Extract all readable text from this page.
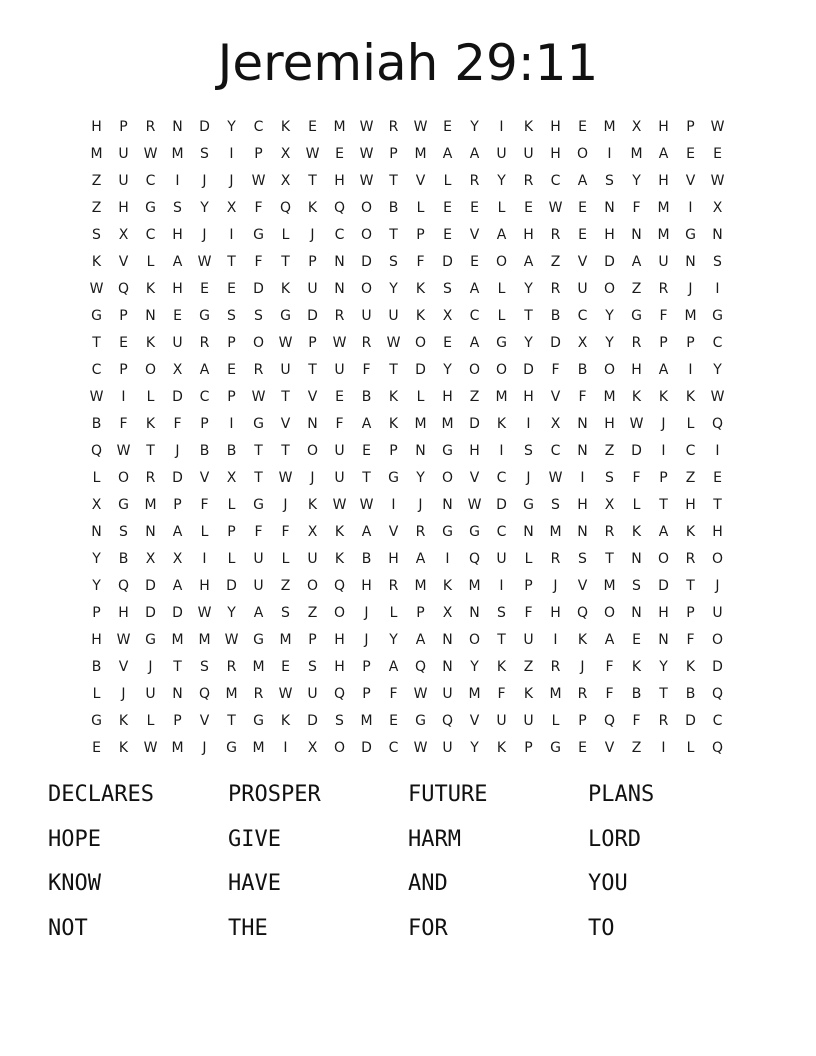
Jeremiah 29:11
H	P	R	N	D	Y	C	K	E	M	W	R	W	E	Y	I	K	H	E	M	X	H	P	W
M	U	W	M	S	I	P	X	W	E	W	P	M	A	A	U	U	H	O	I	M	A	E	E
Z	U	C	I	J	J	W	X	T	H	W	T	V	L	R	Y	R	C	A	S	Y	H	V	W
Z	H	G	S	Y	X	F	Q	K	Q	O	B	L	E	E	L	E	W	E	N	F	M	I	X
S	X	C	H	J	I	G	L	J	C	O	T	P	E	V	A	H	R	E	H	N	M	G	N
K	V	L	A	W	T	F	T	P	N	D	S	F	D	E	O	A	Z	V	D	A	U	N	S
W	Q	K	H	E	E	D	K	U	N	O	Y	K	S	A	L	Y	R	U	O	Z	R	J	I
G	P	N	E	G	S	S	G	D	R	U	U	K	X	C	L	T	B	C	Y	G	F	M	G
T	E	K	U	R	P	O	W	P	W	R	W	O	E	A	G	Y	D	X	Y	R	P	P	C
C	P	O	X	A	E	R	U	T	U	F	T	D	Y	O	O	D	F	B	O	H	A	I	Y
W	I	L	D	C	P	W	T	V	E	B	K	L	H	Z	M	H	V	F	M	K	K	K	W
B	F	K	F	P	I	G	V	N	F	A	K	M	M	D	K	I	X	N	H	W	J	L	Q
Q	W	T	J	B	B	T	T	O	U	E	P	N	G	H	I	S	C	N	Z	D	I	C	I
L	O	R	D	V	X	T	W	J	U	T	G	Y	O	V	C	J	W	I	S	F	P	Z	E
X	G	M	P	F	L	G	J	K	W W	I	J	N	W	D	G	S	H	X	L	T	H	T
N	S	N	A	L	P	F	F	X	K	A	V	R	G	G	C	N	M	N	R	K	A	K	H
Y	B	X	X	I	L	U	L	U	K	B	H	A	I	Q	U	L	R	S	T	N	O	R	O
Y	Q	D	A	H	D	U	Z	O	Q	H	R	M	K	M	I	P	J	V	M	S	D	T	J
P	H	D	D	W	Y	A	S	Z	O	J	L	P	X	N	S	F	H	Q	O	N	H	P	U
H	W	G	M	M	W	G	M	P	H	J	Y	A	N	O	T	U	I	K	A	E	N	F	O
B	V	J	T	S	R	M	E	S	H	P	A	Q	N	Y	K	Z	R	J	F	K	Y	K	D
L	J	U	N	Q	M	R	W	U	Q	P	F	W	U	M	F	K	M	R	F	B	T	B	Q
G	K	L	P	V	T	G	K	D	S	M	E	G	Q	V	U	U	L	P	Q	F	R	D	C
E	K	W	M	J	G	M	I	X	O	D	C	W	U	Y	K	P	G	E	V	Z	I	L	Q
DECLARES	PROSPER	FUTURE	PLANS
HOPE	GIVE	HARM	LORD
KNOW	HAVE	AND	YOU
NOT	THE	FOR	TO
